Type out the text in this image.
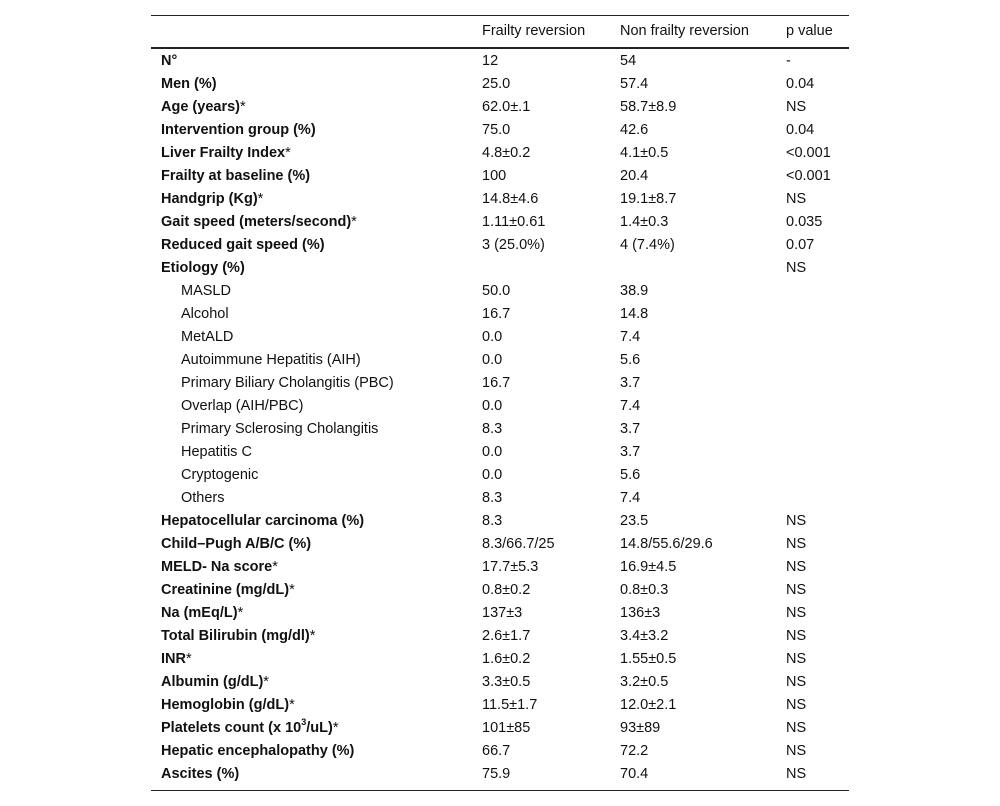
	Frailty reversion	Non frailty reversion	p value
N°	12	54	-
Men (%)	25.0	57.4	0.04
Age (years)*	62.0±.1	58.7±8.9	NS
Intervention group (%)	75.0	42.6	0.04
Liver Frailty Index*	4.8±0.2	4.1±0.5	<0.001
Frailty at baseline (%)	100	20.4	<0.001
Handgrip (Kg)*	14.8±4.6	19.1±8.7	NS
Gait speed (meters/second)*	1.11±0.61	1.4±0.3	0.035
Reduced gait speed (%)	3 (25.0%)	4 (7.4%)	0.07
Etiology (%)			NS
MASLD	50.0	38.9	
Alcohol	16.7	14.8	
MetALD	0.0	7.4	
Autoimmune Hepatitis (AIH)	0.0	5.6	
Primary Biliary Cholangitis (PBC)	16.7	3.7	
Overlap (AIH/PBC)	0.0	7.4	
Primary Sclerosing Cholangitis	8.3	3.7	
Hepatitis C	0.0	3.7	
Cryptogenic	0.0	5.6	
Others	8.3	7.4	
Hepatocellular carcinoma (%)	8.3	23.5	NS
Child–Pugh A/B/C (%)	8.3/66.7/25	14.8/55.6/29.6	NS
MELD- Na score*	17.7±5.3	16.9±4.5	NS
Creatinine (mg/dL)*	0.8±0.2	0.8±0.3	NS
Na (mEq/L)*	137±3	136±3	NS
Total Bilirubin (mg/dl)*	2.6±1.7	3.4±3.2	NS
INR*	1.6±0.2	1.55±0.5	NS
Albumin (g/dL)*	3.3±0.5	3.2±0.5	NS
Hemoglobin (g/dL)*	11.5±1.7	12.0±2.1	NS
Platelets count (x $10^3/uL)*$	101±85	93±89	NS
Hepatic encephalopathy (%)	66.7	72.2	NS
Ascites (%)	75.9	70.4	NS
